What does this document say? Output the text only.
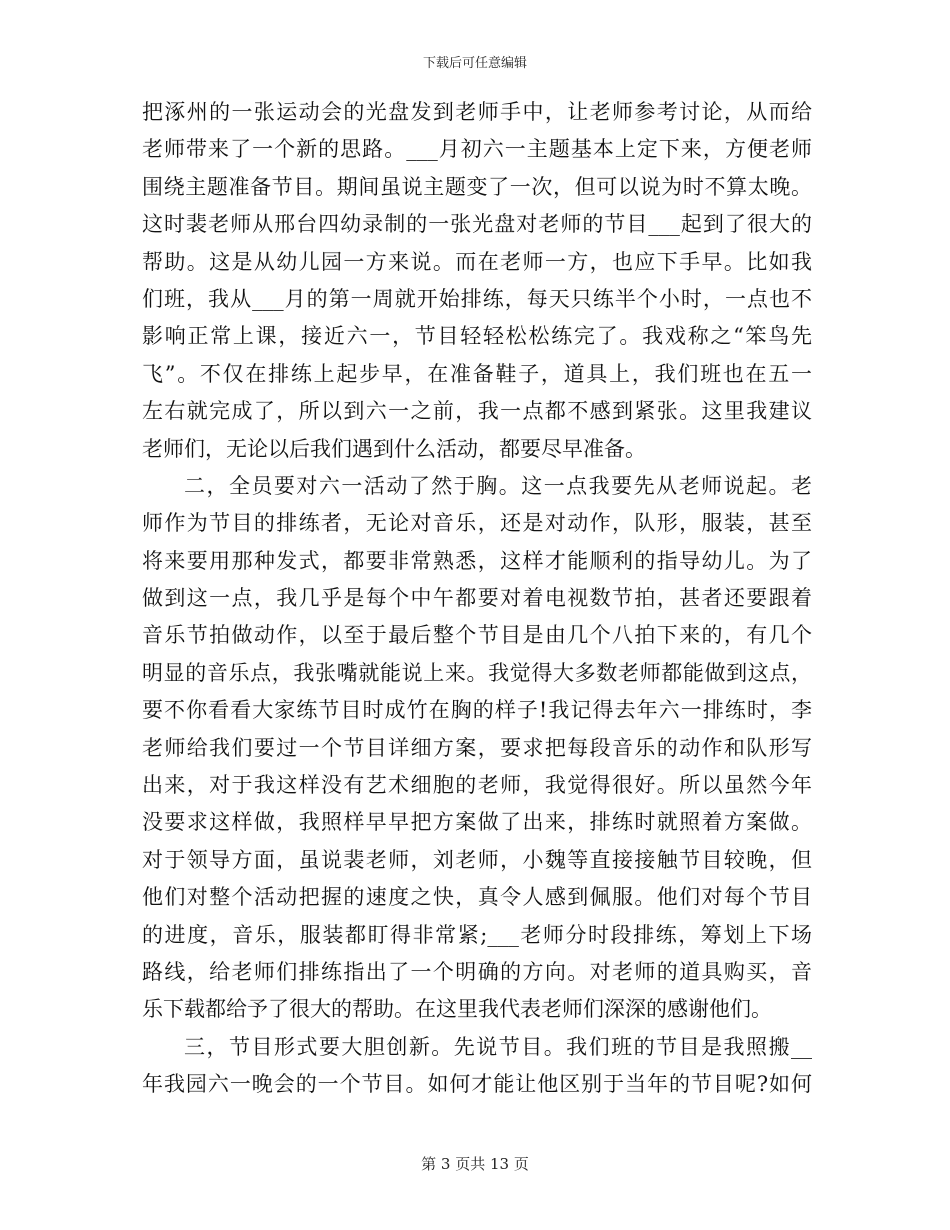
下载后可任意编辑
把涿州的一张运动会的光盘发到老师手中，让老师参考讨论，从而给
老师带来了一个新的思路。___月初六一主题基本上定下来，方便老师
围绕主题准备节目。期间虽说主题变了一次，但可以说为时不算太晚。
这时裴老师从邢台四幼录制的一张光盘对老师的节目___起到了很大的
帮助。这是从幼儿园一方来说。而在老师一方，也应下手早。比如我
们班，我从___月的第一周就开始排练，每天只练半个小时，一点也不
影响正常上课，接近六一，节目轻轻松松练完了。我戏称之“笨鸟先
飞”。不仅在排练上起步早，在准备鞋子，道具上，我们班也在五一
左右就完成了，所以到六一之前，我一点都不感到紧张。这里我建议
老师们，无论以后我们遇到什么活动，都要尽早准备。
二，全员要对六一活动了然于胸。这一点我要先从老师说起。老
师作为节目的排练者，无论对音乐，还是对动作，队形，服装，甚至
将来要用那种发式，都要非常熟悉，这样才能顺利的指导幼儿。为了
做到这一点，我几乎是每个中午都要对着电视数节拍，甚者还要跟着
音乐节拍做动作，以至于最后整个节目是由几个八拍下来的，有几个
明显的音乐点，我张嘴就能说上来。我觉得大多数老师都能做到这点，
要不你看看大家练节目时成竹在胸的样子!我记得去年六一排练时，李
老师给我们要过一个节目详细方案，要求把每段音乐的动作和队形写
出来，对于我这样没有艺术细胞的老师，我觉得很好。所以虽然今年
没要求这样做，我照样早早把方案做了出来，排练时就照着方案做。
对于领导方面，虽说裴老师，刘老师，小魏等直接接触节目较晚，但
他们对整个活动把握的速度之快，真令人感到佩服。他们对每个节目
的进度，音乐，服装都盯得非常紧;___老师分时段排练，筹划上下场
路线，给老师们排练指出了一个明确的方向。对老师的道具购买，音
乐下载都给予了很大的帮助。在这里我代表老师们深深的感谢他们。
三，节目形式要大胆创新。先说节目。我们班的节目是我照搬__
年我园六一晚会的一个节目。如何才能让他区别于当年的节目呢?如何
第 3 页共 13 页
